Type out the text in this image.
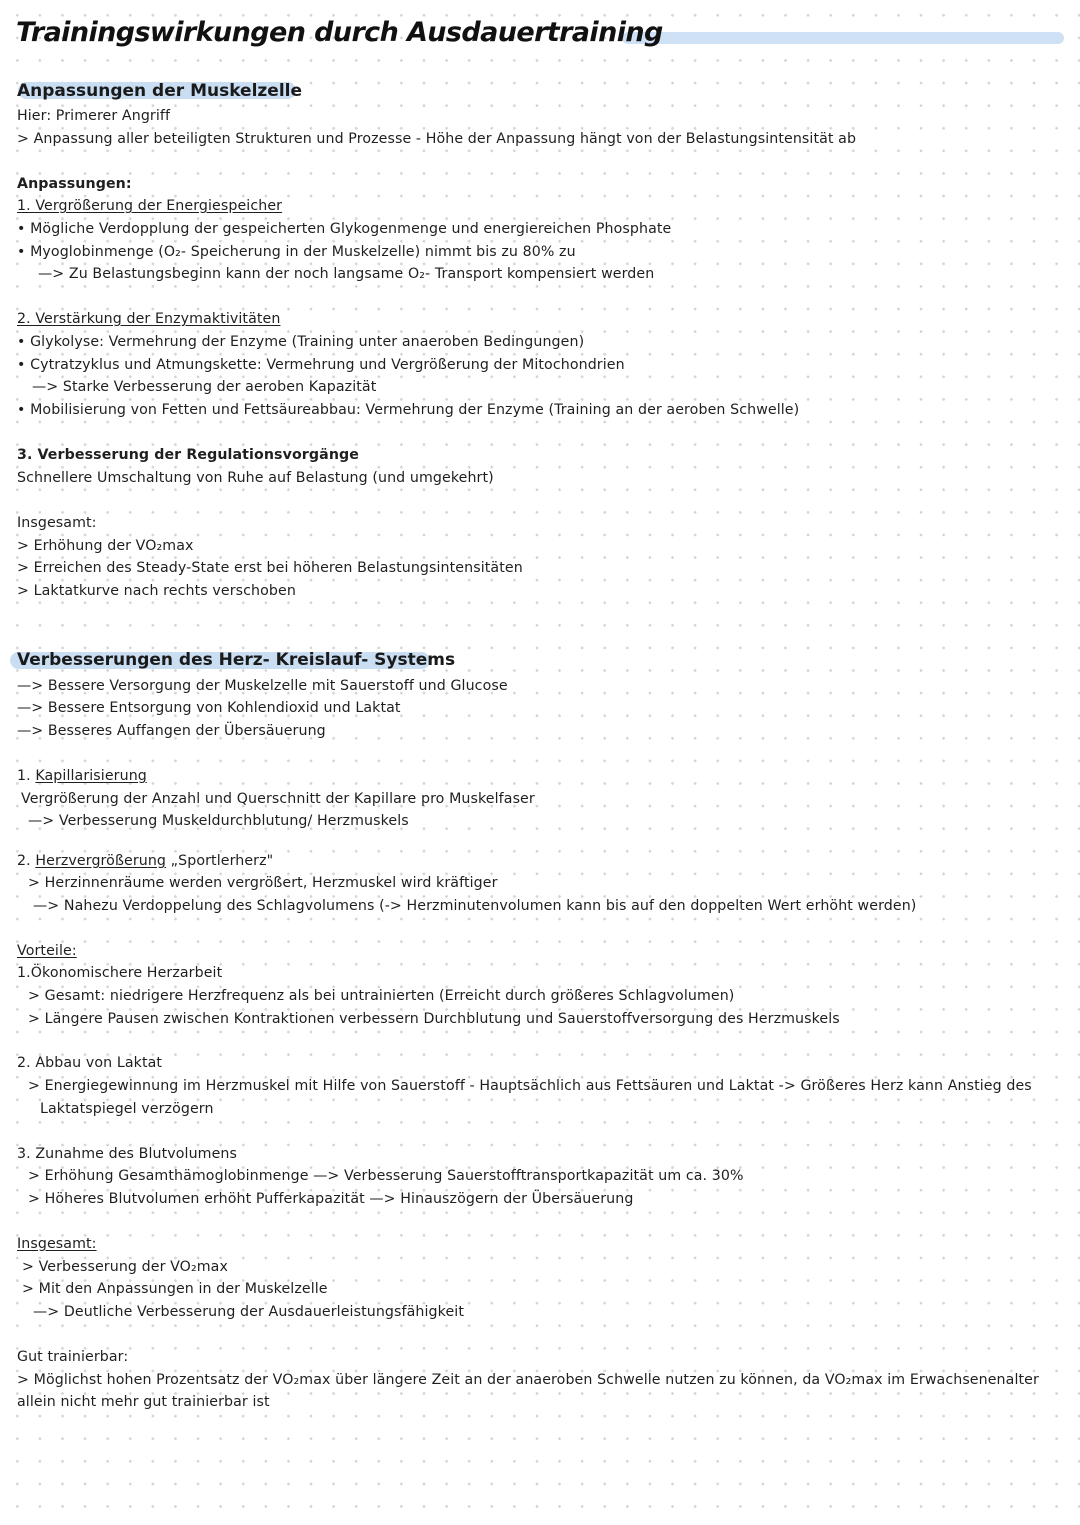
Trainingswirkungen durch Ausdauertraining
Anpassungen der Muskelzelle
Hier: Primerer Angriff
> Anpassung aller beteiligten Strukturen und Prozesse - Höhe der Anpassung hängt von der Belastungsintensität ab
Anpassungen:
1. Vergrößerung der Energiespeicher
• Mögliche Verdopplung der gespeicherten Glykogenmenge und energiereichen Phosphate
• Myoglobinmenge (O₂- Speicherung in der Muskelzelle) nimmt bis zu 80% zu
—> Zu Belastungsbeginn kann der noch langsame O₂- Transport kompensiert werden
2. Verstärkung der Enzymaktivitäten
• Glykolyse: Vermehrung der Enzyme (Training unter anaeroben Bedingungen)
• Cytratzyklus und Atmungskette: Vermehrung und Vergrößerung der Mitochondrien
—> Starke Verbesserung der aeroben Kapazität
• Mobilisierung von Fetten und Fettsäureabbau: Vermehrung der Enzyme (Training an der aeroben Schwelle)
3. Verbesserung der Regulationsvorgänge
Schnellere Umschaltung von Ruhe auf Belastung (und umgekehrt)
Insgesamt:
> Erhöhung der VO₂max
> Erreichen des Steady-State erst bei höheren Belastungsintensitäten
> Laktatkurve nach rechts verschoben
Verbesserungen des Herz- Kreislauf- Systems
—> Bessere Versorgung der Muskelzelle mit Sauerstoff und Glucose
—> Bessere Entsorgung von Kohlendioxid und Laktat
—> Besseres Auffangen der Übersäuerung
1. Kapillarisierung
Vergrößerung der Anzahl und Querschnitt der Kapillare pro Muskelfaser
—> Verbesserung Muskeldurchblutung/ Herzmuskels
2. Herzvergrößerung „Sportlerherz"
> Herzinnenräume werden vergrößert, Herzmuskel wird kräftiger
—> Nahezu Verdoppelung des Schlagvolumens (-> Herzminutenvolumen kann bis auf den doppelten Wert erhöht werden)
Vorteile:
1.Ökonomischere Herzarbeit
> Gesamt: niedrigere Herzfrequenz als bei untrainierten (Erreicht durch größeres Schlagvolumen)
> Längere Pausen zwischen Kontraktionen verbessern Durchblutung und Sauerstoffversorgung des Herzmuskels
2. Abbau von Laktat
> Energiegewinnung im Herzmuskel mit Hilfe von Sauerstoff - Hauptsächlich aus Fettsäuren und Laktat -> Größeres Herz kann Anstieg des
Laktatspiegel verzögern
3. Zunahme des Blutvolumens
> Erhöhung Gesamthämoglobinmenge —> Verbesserung Sauerstofftransportkapazität um ca. 30%
> Höheres Blutvolumen erhöht Pufferkapazität —> Hinauszögern der Übersäuerung
Insgesamt:
> Verbesserung der VO₂max
> Mit den Anpassungen in der Muskelzelle
—> Deutliche Verbesserung der Ausdauerleistungsfähigkeit
Gut trainierbar:
> Möglichst hohen Prozentsatz der VO₂max über längere Zeit an der anaeroben Schwelle nutzen zu können, da VO₂max im Erwachsenenalter
allein nicht mehr gut trainierbar ist
